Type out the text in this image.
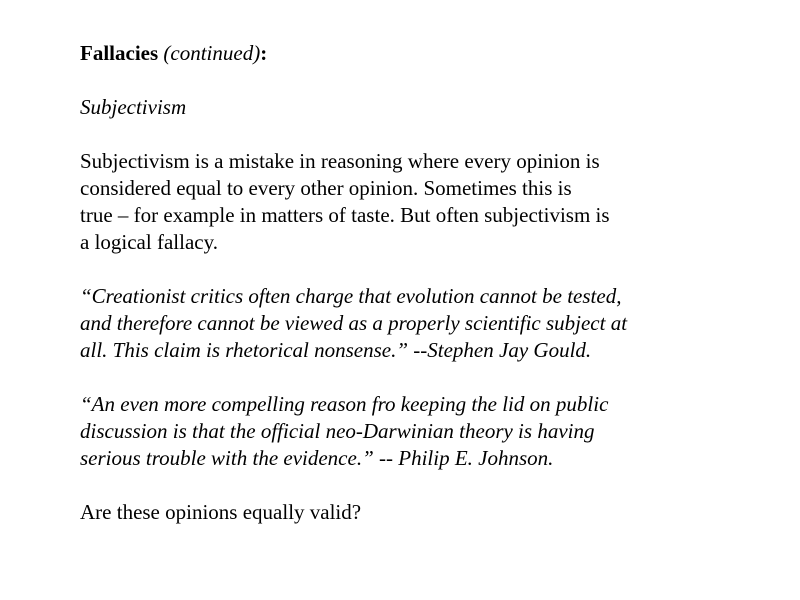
Fallacies (continued):
Subjectivism
Subjectivism is a mistake in reasoning where every opinion is
considered equal to every other opinion. Sometimes this is
true – for example in matters of taste. But often subjectivism is
a logical fallacy.
“Creationist critics often charge that evolution cannot be tested,
and therefore cannot be viewed as a properly scientific subject at
all. This claim is rhetorical nonsense.” --Stephen Jay Gould.
“An even more compelling reason fro keeping the lid on public
discussion is that the official neo-Darwinian theory is having
serious trouble with the evidence.” -- Philip E. Johnson.
Are these opinions equally valid?
